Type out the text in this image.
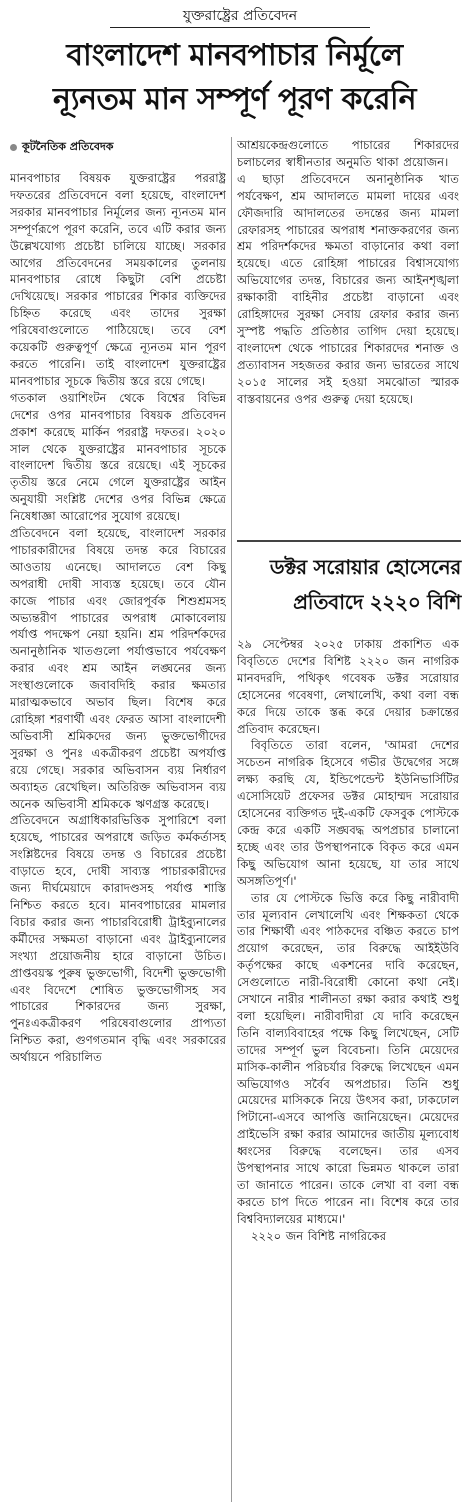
যুক্তরাষ্ট্রের প্রতিবেদন
বাংলাদেশ মানবপাচার নির্মূলে
ন্যূনতম মান সম্পূর্ণ পূরণ করেনি
কূটনৈতিক প্রতিবেদক

মানবপাচার বিষয়ক যুক্তরাষ্ট্রের পররাষ্ট্র দফতরের প্রতিবেদনে বলা হয়েছে, বাংলাদেশ সরকার মানবপাচার নির্মূলের জন্য ন্যূনতম মান সম্পূর্ণরূপে পূরণ করেনি, তবে এটি করার জন্য উল্লেখযোগ্য প্রচেষ্টা চালিয়ে যাচ্ছে। সরকার আগের প্রতিবেদনের সময়কালের তুলনায় মানবপাচার রোধে কিছুটা বেশি প্রচেষ্টা দেখিয়েছে। সরকার পাচারের শিকার ব্যক্তিদের চিহ্নিত করেছে এবং তাদের সুরক্ষা পরিষেবাগুলোতে পাঠিয়েছে। তবে বেশ কয়েকটি গুরুত্বপূর্ণ ক্ষেত্রে ন্যূনতম মান পূরণ করতে পারেনি। তাই বাংলাদেশ যুক্তরাষ্ট্রের মানবপাচার সূচকে দ্বিতীয় স্তরে রয়ে গেছে।

গতকাল ওয়াশিংটন থেকে বিশ্বের বিভিন্ন দেশের ওপর মানবপাচার বিষয়ক প্রতিবেদন প্রকাশ করেছে মার্কিন পররাষ্ট্র দফতর। ২০২০ সাল থেকে যুক্তরাষ্ট্রের মানবপাচার সূচকে বাংলাদেশ দ্বিতীয় স্তরে রয়েছে। এই সূচকের তৃতীয় স্তরে নেমে গেলে যুক্তরাষ্ট্রের আইন অনুযায়ী সংশ্লিষ্ট দেশের ওপর বিভিন্ন ক্ষেত্রে নিষেধাজ্ঞা আরোপের সুযোগ রয়েছে।

প্রতিবেদনে বলা হয়েছে, বাংলাদেশ সরকার পাচারকারীদের বিষয়ে তদন্ত করে বিচারের আওতায় এনেছে। আদালতে বেশ কিছু অপরাধী দোষী সাব্যস্ত হয়েছে। তবে যৌন কাজে পাচার এবং জোরপূর্বক শিশুশ্রমসহ অভ্যন্তরীণ পাচারের অপরাধ মোকাবেলায় পর্যাপ্ত পদক্ষেপ নেয়া হয়নি। শ্রম পরিদর্শকদের অনানুষ্ঠানিক খাতগুলো পর্যাপ্তভাবে পর্যবেক্ষণ করার এবং শ্রম আইন লঙ্ঘনের জন্য সংস্থাগুলোকে জবাবদিহি করার ক্ষমতার মারাত্মকভাবে অভাব ছিল। বিশেষ করে রোহিঙ্গা শরণার্থী এবং ফেরত আসা বাংলাদেশী অভিবাসী শ্রমিকদের জন্য ভুক্তভোগীদের সুরক্ষা ও পুনঃ একত্রীকরণ প্রচেষ্টা অপর্যাপ্ত রয়ে গেছে। সরকার অভিবাসন ব্যয় নির্ধারণ অব্যাহত রেখেছিল। অতিরিক্ত অভিবাসন ব্যয় অনেক অভিবাসী শ্রমিককে ঋণগ্রস্ত করেছে।

প্রতিবেদনে অগ্রাধিকারভিত্তিক সুপারিশে বলা হয়েছে, পাচারের অপরাধে জড়িত কর্মকর্তাসহ সংশ্লিষ্টদের বিষয়ে তদন্ত ও বিচারের প্রচেষ্টা বাড়াতে হবে, দোষী সাব্যস্ত পাচারকারীদের জন্য দীর্ঘমেয়াদে কারাদণ্ডসহ পর্যাপ্ত শাস্তি নিশ্চিত করতে হবে। মানবপাচারের মামলার বিচার করার জন্য পাচারবিরোধী ট্রাইব্যুনালের কর্মীদের সক্ষমতা বাড়ানো এবং ট্রাইব্যুনালের সংখ্যা প্রয়োজনীয় হারে বাড়ানো উচিত। প্রাপ্তবয়স্ক পুরুষ ভুক্তভোগী, বিদেশী ভুক্তভোগী এবং বিদেশে শোষিত ভুক্তভোগীসহ সব পাচারের শিকারদের জন্য সুরক্ষা, পুনঃএকত্রীকরণ পরিষেবাগুলোর প্রাপ্যতা নিশ্চিত করা, গুণগতমান বৃদ্ধি এবং সরকারের অর্থায়নে পরিচালিত

আশ্রয়কেন্দ্রগুলোতে পাচারের শিকারদের চলাচলের স্বাধীনতার অনুমতি থাকা প্রয়োজন।

এ ছাড়া প্রতিবেদনে অনানুষ্ঠানিক খাত পর্যবেক্ষণ, শ্রম আদালতে মামলা দায়ের এবং ফৌজদারি আদালতের তদন্তের জন্য মামলা রেফারসহ পাচারের অপরাধ শনাক্তকরণের জন্য শ্রম পরিদর্শকদের ক্ষমতা বাড়ানোর কথা বলা হয়েছে। এতে রোহিঙ্গা পাচারের বিশ্বাসযোগ্য অভিযোগের তদন্ত, বিচারের জন্য আইনশৃঙ্খলা রক্ষাকারী বাহিনীর প্রচেষ্টা বাড়ানো এবং রোহিঙ্গাদের সুরক্ষা সেবায় রেফার করার জন্য সুস্পষ্ট পদ্ধতি প্রতিষ্ঠার তাগিদ দেয়া হয়েছে। বাংলাদেশ থেকে পাচারের শিকারদের শনাক্ত ও প্রত্যাবাসন সহজতর করার জন্য ভারতের সাথে ২০১৫ সালের সই হওয়া সমঝোতা স্মারক বাস্তবায়নের ওপর গুরুত্ব দেয়া হয়েছে।

ডক্টর সরোয়ার হোসেনের
প্রতিবাদে ২২২০ বিশি

২৯ সেপ্টেম্বর ২০২৫ ঢাকায় প্রকাশিত এক বিবৃতিতে দেশের বিশিষ্ট ২২২০ জন নাগরিক মানবদরদি, পথিকৃৎ গবেষক ডক্টর সরোয়ার হোসেনের গবেষণা, লেখালেখি, কথা বলা বন্ধ করে দিয়ে তাকে স্তব্ধ করে দেয়ার চক্রান্তের প্রতিবাদ করেছেন।

বিবৃতিতে তারা বলেন, 'আমরা দেশের সচেতন নাগরিক হিসেবে গভীর উদ্বেগের সঙ্গে লক্ষ্য করছি যে, ইন্ডিপেন্ডেন্ট ইউনিভার্সিটির এসোসিয়েট প্রফেসর ডক্টর মোহাম্মদ সরোয়ার হোসেনের ব্যক্তিগত দুই-একটি ফেসবুক পোস্টকে কেন্দ্র করে একটি সঙ্ঘবদ্ধ অপপ্রচার চালানো হচ্ছে এবং তার উপস্থাপনাকে বিকৃত করে এমন কিছু অভিযোগ আনা হয়েছে, যা তার সাথে অসঙ্গতিপূর্ণ।'

তার যে পোস্টকে ভিত্তি করে কিছু নারীবাদী তার মূল্যবান লেখালেখি এবং শিক্ষকতা থেকে তার শিক্ষার্থী এবং পাঠকদের বঞ্চিত করতে চাপ প্রয়োগ করেছেন, তার বিরুদ্ধে আইইউবি কর্তৃপক্ষের কাছে একশনের দাবি করেছেন, সেগুলোতে নারী-বিরোধী কোনো কথা নেই। সেখানে নারীর শালীনতা রক্ষা করার কথাই শুধু বলা হয়েছিল। নারীবাদীরা যে দাবি করেছেন তিনি বাল্যবিবাহের পক্ষে কিছু লিখেছেন, সেটি তাদের সম্পূর্ণ ভুল বিবেচনা। তিনি মেয়েদের মাসিক-কালীন পরিচর্যার বিরুদ্ধে লিখেছেন এমন অভিযোগও সর্বৈব অপপ্রচার। তিনি শুধু মেয়েদের মাসিককে নিয়ে উৎসব করা, ঢাকঢোল পিটানো-এসবে আপত্তি জানিয়েছেন। মেয়েদের প্রাইভেসি রক্ষা করার আমাদের জাতীয় মূল্যবোধ ধ্বংসের বিরুদ্ধে বলেছেন। তার এসব উপস্থাপনার সাথে কারো ভিন্নমত থাকলে তারা তা জানাতে পারেন। তাকে লেখা বা বলা বন্ধ করতে চাপ দিতে পারেন না। বিশেষ করে তার বিশ্ববিদ্যালয়ের মাধ্যমে।'

২২২০ জন বিশিষ্ট নাগরিকের
